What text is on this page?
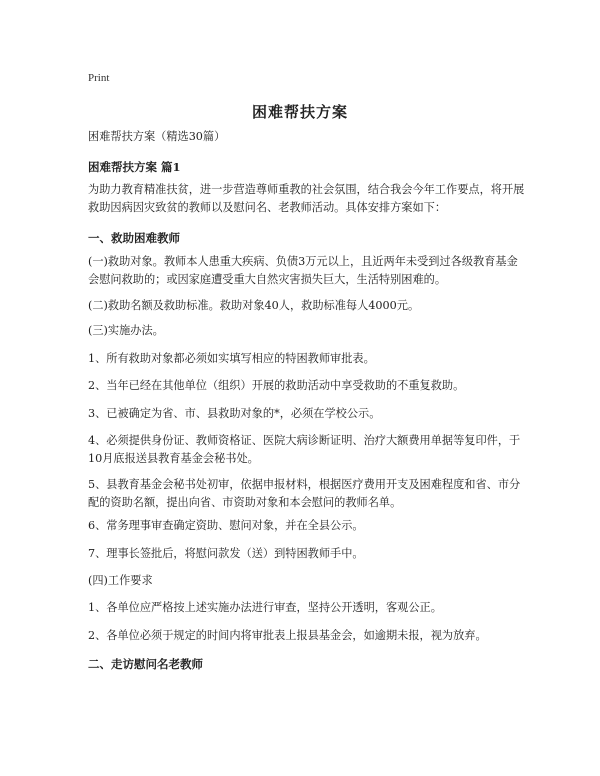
Print
困难帮扶方案
困难帮扶方案（精选30篇）
困难帮扶方案 篇1
为助力教育精准扶贫，进一步营造尊师重教的社会氛围，结合我会今年工作要点，将开展救助因病因灾致贫的教师以及慰问名、老教师活动。具体安排方案如下：
一、救助困难教师
(一)救助对象。教师本人患重大疾病、负债3万元以上，且近两年未受到过各级教育基金会慰问救助的；或因家庭遭受重大自然灾害损失巨大，生活特别困难的。
(二)救助名额及救助标准。救助对象40人，救助标准每人4000元。
(三)实施办法。
1、所有救助对象都必须如实填写相应的特困教师审批表。
2、当年已经在其他单位（组织）开展的救助活动中享受救助的不重复救助。
3、已被确定为省、市、县救助对象的*，必须在学校公示。
4、必须提供身份证、教师资格证、医院大病诊断证明、治疗大额费用单据等复印件，于10月底报送县教育基金会秘书处。
5、县教育基金会秘书处初审，依据申报材料，根据医疗费用开支及困难程度和省、市分配的资助名额，提出向省、市资助对象和本会慰问的教师名单。
6、常务理事审查确定资助、慰问对象，并在全县公示。
7、理事长签批后，将慰问款发（送）到特困教师手中。
(四)工作要求
1、各单位应严格按上述实施办法进行审查，坚持公开透明，客观公正。
2、各单位必须于规定的时间内将审批表上报县基金会，如逾期未报，视为放弃。
二、走访慰问名老教师
